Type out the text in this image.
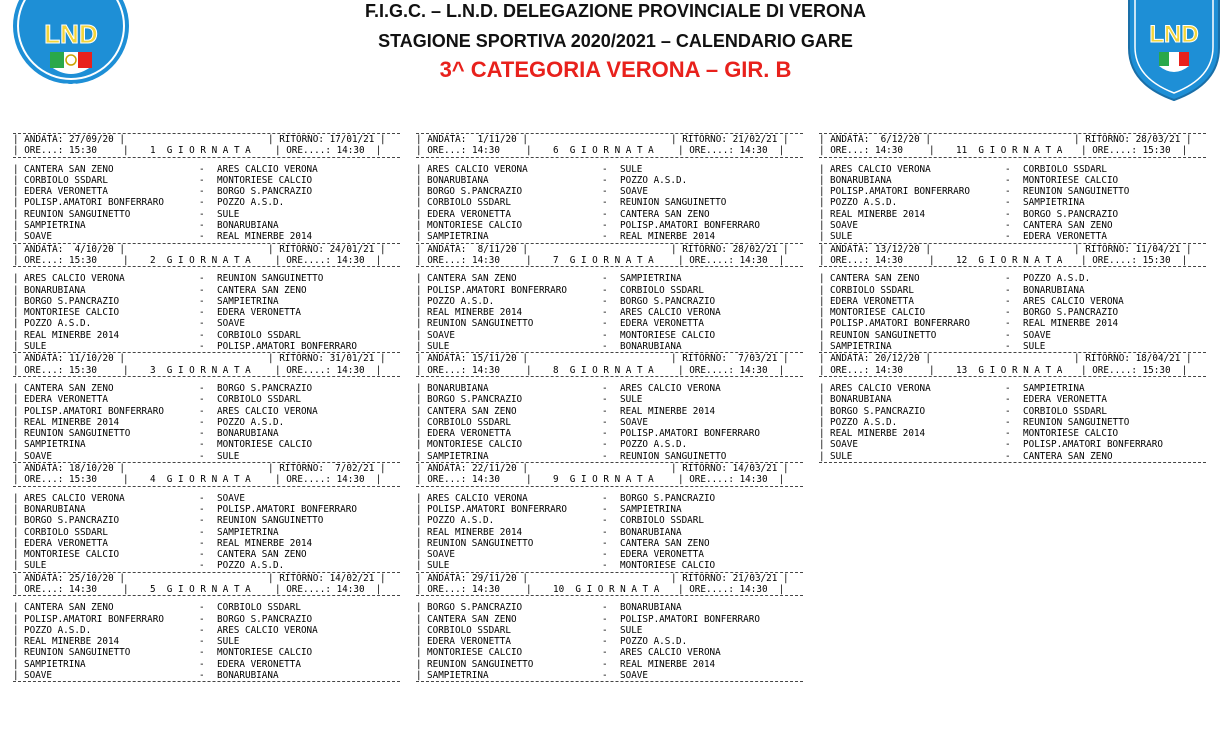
F.I.G.C. – L.N.D. DELEGAZIONE PROVINCIALE DI VERONA
STAGIONE SPORTIVA 2020/2021 – CALENDARIO GARE
3^ CATEGORIA VERONA – GIR. B
LND
VERONA
LND
| ANDATA: 27/09/20 |	| RITORNO: 17/01/21 |
| ORE...: 15:30	| 1  G I O R N A T A	| ORE....: 14:30  |
| CANTERA SAN ZENO	- ARES CALCIO VERONA
| CORBIOLO SSDARL	- MONTORIESE CALCIO
| EDERA VERONETTA	- BORGO S.PANCRAZIO
| POLISP.AMATORI BONFERRARO	- POZZO A.S.D.
| REUNION SANGUINETTO	- SULE
| SAMPIETRINA	- BONARUBIANA
| SOAVE	- REAL MINERBE 2014
| ANDATA:  4/10/20 |	| RITORNO: 24/01/21 |
| ORE...: 15:30	| 2  G I O R N A T A	| ORE....: 14:30  |
| ARES CALCIO VERONA	- REUNION SANGUINETTO
| BONARUBIANA	- CANTERA SAN ZENO
| BORGO S.PANCRAZIO	- SAMPIETRINA
| MONTORIESE CALCIO	- EDERA VERONETTA
| POZZO A.S.D.	- SOAVE
| REAL MINERBE 2014	- CORBIOLO SSDARL
| SULE	- POLISP.AMATORI BONFERRARO
| ANDATA: 11/10/20 |	| RITORNO: 31/01/21 |
| ORE...: 15:30	| 3  G I O R N A T A	| ORE....: 14:30  |
| CANTERA SAN ZENO	- BORGO S.PANCRAZIO
| EDERA VERONETTA	- CORBIOLO SSDARL
| POLISP.AMATORI BONFERRARO	- ARES CALCIO VERONA
| REAL MINERBE 2014	- POZZO A.S.D.
| REUNION SANGUINETTO	- BONARUBIANA
| SAMPIETRINA	- MONTORIESE CALCIO
| SOAVE	- SULE
| ANDATA: 18/10/20 |	| RITORNO:  7/02/21 |
| ORE...: 15:30	| 4  G I O R N A T A	| ORE....: 14:30  |
| ARES CALCIO VERONA	- SOAVE
| BONARUBIANA	- POLISP.AMATORI BONFERRARO
| BORGO S.PANCRAZIO	- REUNION SANGUINETTO
| CORBIOLO SSDARL	- SAMPIETRINA
| EDERA VERONETTA	- REAL MINERBE 2014
| MONTORIESE CALCIO	- CANTERA SAN ZENO
| SULE	- POZZO A.S.D.
| ANDATA: 25/10/20 |	| RITORNO: 14/02/21 |
| ORE...: 14:30	| 5  G I O R N A T A	| ORE....: 14:30  |
| CANTERA SAN ZENO	- CORBIOLO SSDARL
| POLISP.AMATORI BONFERRARO	- BORGO S.PANCRAZIO
| POZZO A.S.D.	- ARES CALCIO VERONA
| REAL MINERBE 2014	- SULE
| REUNION SANGUINETTO	- MONTORIESE CALCIO
| SAMPIETRINA	- EDERA VERONETTA
| SOAVE	- BONARUBIANA
| ANDATA:  1/11/20 |	| RITORNO: 21/02/21 |
| ORE...: 14:30	| 6  G I O R N A T A	| ORE....: 14:30  |
| ARES CALCIO VERONA	- SULE
| BONARUBIANA	- POZZO A.S.D.
| BORGO S.PANCRAZIO	- SOAVE
| CORBIOLO SSDARL	- REUNION SANGUINETTO
| EDERA VERONETTA	- CANTERA SAN ZENO
| MONTORIESE CALCIO	- POLISP.AMATORI BONFERRARO
| SAMPIETRINA	- REAL MINERBE 2014
| ANDATA:  8/11/20 |	| RITORNO: 28/02/21 |
| ORE...: 14:30	| 7  G I O R N A T A	| ORE....: 14:30  |
| CANTERA SAN ZENO	- SAMPIETRINA
| POLISP.AMATORI BONFERRARO	- CORBIOLO SSDARL
| POZZO A.S.D.	- BORGO S.PANCRAZIO
| REAL MINERBE 2014	- ARES CALCIO VERONA
| REUNION SANGUINETTO	- EDERA VERONETTA
| SOAVE	- MONTORIESE CALCIO
| SULE	- BONARUBIANA
| ANDATA: 15/11/20 |	| RITORNO:  7/03/21 |
| ORE...: 14:30	| 8  G I O R N A T A	| ORE....: 14:30  |
| BONARUBIANA	- ARES CALCIO VERONA
| BORGO S.PANCRAZIO	- SULE
| CANTERA SAN ZENO	- REAL MINERBE 2014
| CORBIOLO SSDARL	- SOAVE
| EDERA VERONETTA	- POLISP.AMATORI BONFERRARO
| MONTORIESE CALCIO	- POZZO A.S.D.
| SAMPIETRINA	- REUNION SANGUINETTO
| ANDATA: 22/11/20 |	| RITORNO: 14/03/21 |
| ORE...: 14:30	| 9  G I O R N A T A	| ORE....: 14:30  |
| ARES CALCIO VERONA	- BORGO S.PANCRAZIO
| POLISP.AMATORI BONFERRARO	- SAMPIETRINA
| POZZO A.S.D.	- CORBIOLO SSDARL
| REAL MINERBE 2014	- BONARUBIANA
| REUNION SANGUINETTO	- CANTERA SAN ZENO
| SOAVE	- EDERA VERONETTA
| SULE	- MONTORIESE CALCIO
| ANDATA: 29/11/20 |	| RITORNO: 21/03/21 |
| ORE...: 14:30	| 10  G I O R N A T A | ORE....: 14:30  |
| BORGO S.PANCRAZIO	- BONARUBIANA
| CANTERA SAN ZENO	- POLISP.AMATORI BONFERRARO
| CORBIOLO SSDARL	- SULE
| EDERA VERONETTA	- POZZO A.S.D.
| MONTORIESE CALCIO	- ARES CALCIO VERONA
| REUNION SANGUINETTO	- REAL MINERBE 2014
| SAMPIETRINA	- SOAVE
| ANDATA:  6/12/20 |	| RITORNO: 28/03/21 |
| ORE...: 14:30	| 11  G I O R N A T A | ORE....: 15:30  |
| ARES CALCIO VERONA	- CORBIOLO SSDARL
| BONARUBIANA	- MONTORIESE CALCIO
| POLISP.AMATORI BONFERRARO	- REUNION SANGUINETTO
| POZZO A.S.D.	- SAMPIETRINA
| REAL MINERBE 2014	- BORGO S.PANCRAZIO
| SOAVE	- CANTERA SAN ZENO
| SULE	- EDERA VERONETTA
| ANDATA: 13/12/20 |	| RITORNO: 11/04/21 |
| ORE...: 14:30	| 12  G I O R N A T A | ORE....: 15:30  |
| CANTERA SAN ZENO	- POZZO A.S.D.
| CORBIOLO SSDARL	- BONARUBIANA
| EDERA VERONETTA	- ARES CALCIO VERONA
| MONTORIESE CALCIO	- BORGO S.PANCRAZIO
| POLISP.AMATORI BONFERRARO	- REAL MINERBE 2014
| REUNION SANGUINETTO	- SOAVE
| SAMPIETRINA	- SULE
| ANDATA: 20/12/20 |	| RITORNO: 18/04/21 |
| ORE...: 14:30	| 13  G I O R N A T A | ORE....: 15:30  |
| ARES CALCIO VERONA	- SAMPIETRINA
| BONARUBIANA	- EDERA VERONETTA
| BORGO S.PANCRAZIO	- CORBIOLO SSDARL
| POZZO A.S.D.	- REUNION SANGUINETTO
| REAL MINERBE 2014	- MONTORIESE CALCIO
| SOAVE	- POLISP.AMATORI BONFERRARO
| SULE	- CANTERA SAN ZENO
